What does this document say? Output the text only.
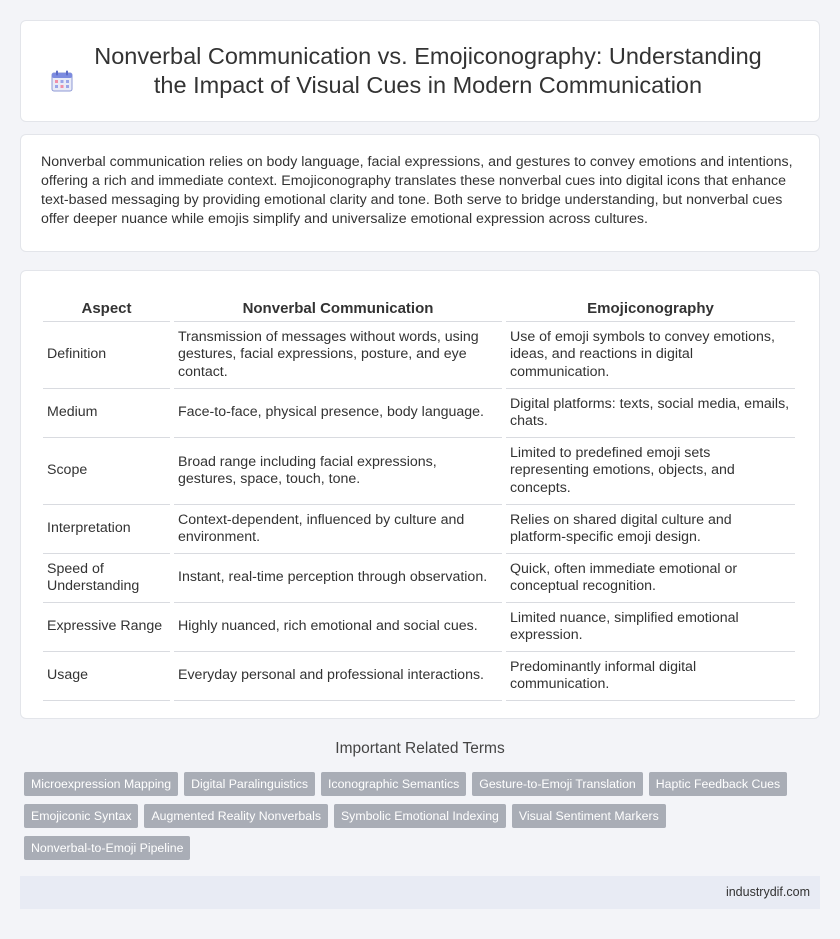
Nonverbal Communication vs. Emojiconography: Understanding the Impact of Visual Cues in Modern Communication

Nonverbal communication relies on body language, facial expressions, and gestures to convey emotions and intentions, offering a rich and immediate context. Emojiconography translates these nonverbal cues into digital icons that enhance text-based messaging by providing emotional clarity and tone. Both serve to bridge understanding, but nonverbal cues offer deeper nuance while emojis simplify and universalize emotional expression across cultures.

Aspect	Nonverbal Communication	Emojiconography
Definition	Transmission of messages without words, using gestures, facial expressions, posture, and eye contact.	Use of emoji symbols to convey emotions, ideas, and reactions in digital communication.
Medium	Face-to-face, physical presence, body language.	Digital platforms: texts, social media, emails, chats.
Scope	Broad range including facial expressions, gestures, space, touch, tone.	Limited to predefined emoji sets representing emotions, objects, and concepts.
Interpretation	Context-dependent, influenced by culture and environment.	Relies on shared digital culture and platform-specific emoji design.
Speed of Understanding	Instant, real-time perception through observation.	Quick, often immediate emotional or conceptual recognition.
Expressive Range	Highly nuanced, rich emotional and social cues.	Limited nuance, simplified emotional expression.
Usage	Everyday personal and professional interactions.	Predominantly informal digital communication.
Important Related Terms
Microexpression Mapping	Digital Paralinguistics	Iconographic Semantics	Gesture-to-Emoji Translation	Haptic Feedback Cues
Emojiconic Syntax	Augmented Reality Nonverbals	Symbolic Emotional Indexing	Visual Sentiment Markers
Nonverbal-to-Emoji Pipeline
industrydif.com
